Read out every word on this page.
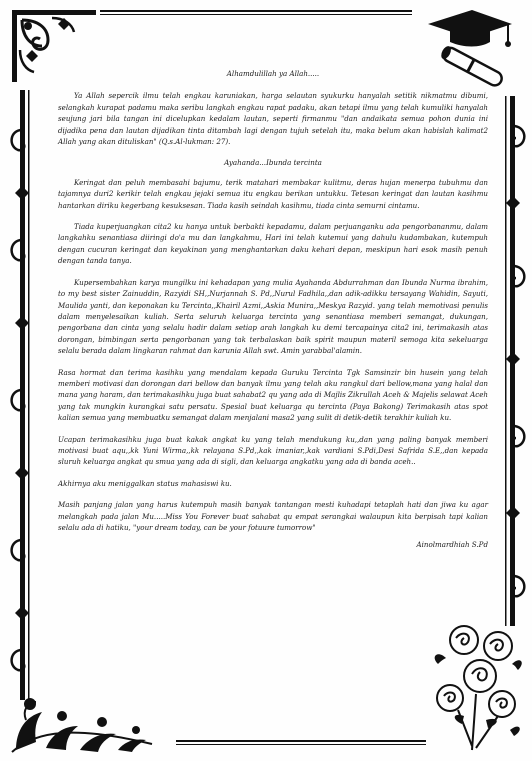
Alhamdulillah ya Allah.....

Ya Allah sepercik ilmu telah engkau karuniakan, harga selautan syukurku hanyalah setitik nikmatmu dibumi, selangkah kurapat padamu maka seribu langkah engkau rapat padaku, akan tetapi ilmu yang telah kumuliki hanyalah seujung jari bila tangan ini dicelupkan kedalam lautan, seperti firmanmu "dan andaikata semua pohon dunia ini dijadika pena dan lautan dijadikan tinta ditambah lagi dengan tujuh setelah itu, maka belum akan habislah kalimat2 Allah yang akan dituliskan" (Q.s.Al-lukman: 27).

Ayahanda...Ibunda tercinta

Keringat dan peluh membasahi bajumu, terik matahari membakar kulitmu, deras hujan menerpa tubuhmu dan tajamnya duri2 kerikir telah engkau jejaki semua itu engkau berikan untukku. Tetesan keringat dan lautan kasihmu hantarkan diriku kegerbang kesuksesan. Tiada kasih seindah kasihmu, tiada cinta semurni cintamu.

Tiada kuperjuangkan cita2 ku hanya untuk berbakti kepadamu, dalam perjuanganku ada pengorbananmu, dalam langkahku senantiasa diiringi do'a mu dan langkahmu, Hari ini telah kutemui yang dahulu kudambakan, kutempuh dengan cucuran keringat dan keyakinan yang menghantarkan daku kehari depan, meskipun hari esok masih penuh dengan tanda tanya.

Kupersembahkan karya mungilku ini kehadapan yang mulia Ayahanda Abdurrahman dan Ibunda Nurma ibrahim, to my best sister Zainuddin, Razyidi SH,,Nurjannah S. Pd,,Nurul Fadhila,,dan adik-adikku tersayang Wahidin, Sayuti, Maulida yanti, dan keponakan ku Tercinta,,Khairil Azmi,,Askia Munira,,Meskya Razyid. yang telah memotivasi penulis dalam menyelesaikan kuliah. Serta seluruh keluarga tercinta yang senantiasa memberi semangat, dukungan, pengorbana dan cinta yang selalu hadir dalam setiap arah langkah ku demi tercapainya cita2 ini, terimakasih atas dorongan, bimbingan serta pengorbanan yang tak terbalaskan baik spirit maupun materil semoga kita sekeluarga selalu berada dalam lingkaran rahmat dan karunia Allah swt. Amin yarabbal'alamin.

Rasa hormat dan terima kasihku yang mendalam kepada Guruku Tercinta Tgk Samsinzir bin husein yang telah memberi motivasi dan dorongan dari bellow dan banyak ilmu yang telah aku rangkul dari bellow,mana yang halal dan mana yang haram, dan terimakasihku juga buat sahabat2 qu yang ada di Majlis Zikrullah Aceh & Majelis selawat Aceh yang tak mungkin kurangkai satu persatu. Spesial buat keluarga qu tercinta (Paya Bakong) Terimakasih atas spot kalian semua yang membuatku semangat dalam menjalani masa2 yang sulit di detik-detik terakhir kuliah ku.

Ucapan terimakasihku juga buat kakak angkat ku yang telah mendukung ku,,dan yang paling banyak memberi motivasi buat aqu,,kk Yuni Wirma,,kk relayana S.Pd,,kak imaniar,,kak vardiani S.Pdi,Desi Safrida S.E,,dan kepada sluruh keluarga angkat qu smua yang ada di sigli, dan keluarga angkatku yang ada di banda aceh..

Akhirnya aku meniggalkan status mahasiswi ku.

Masih panjang jalan yang harus kutempuh masih banyak tantangan mesti kuhadapi tetaplah hati dan jiwa ku agar melangkah pada jalan Mu.....Miss You Forever buat sahabat qu empat serangkai walaupun kita berpisah tapi kalian selalu ada di hatiku, "your dream today, can be your fotuure tumorrow"

Ainolmardhiah S.Pd
